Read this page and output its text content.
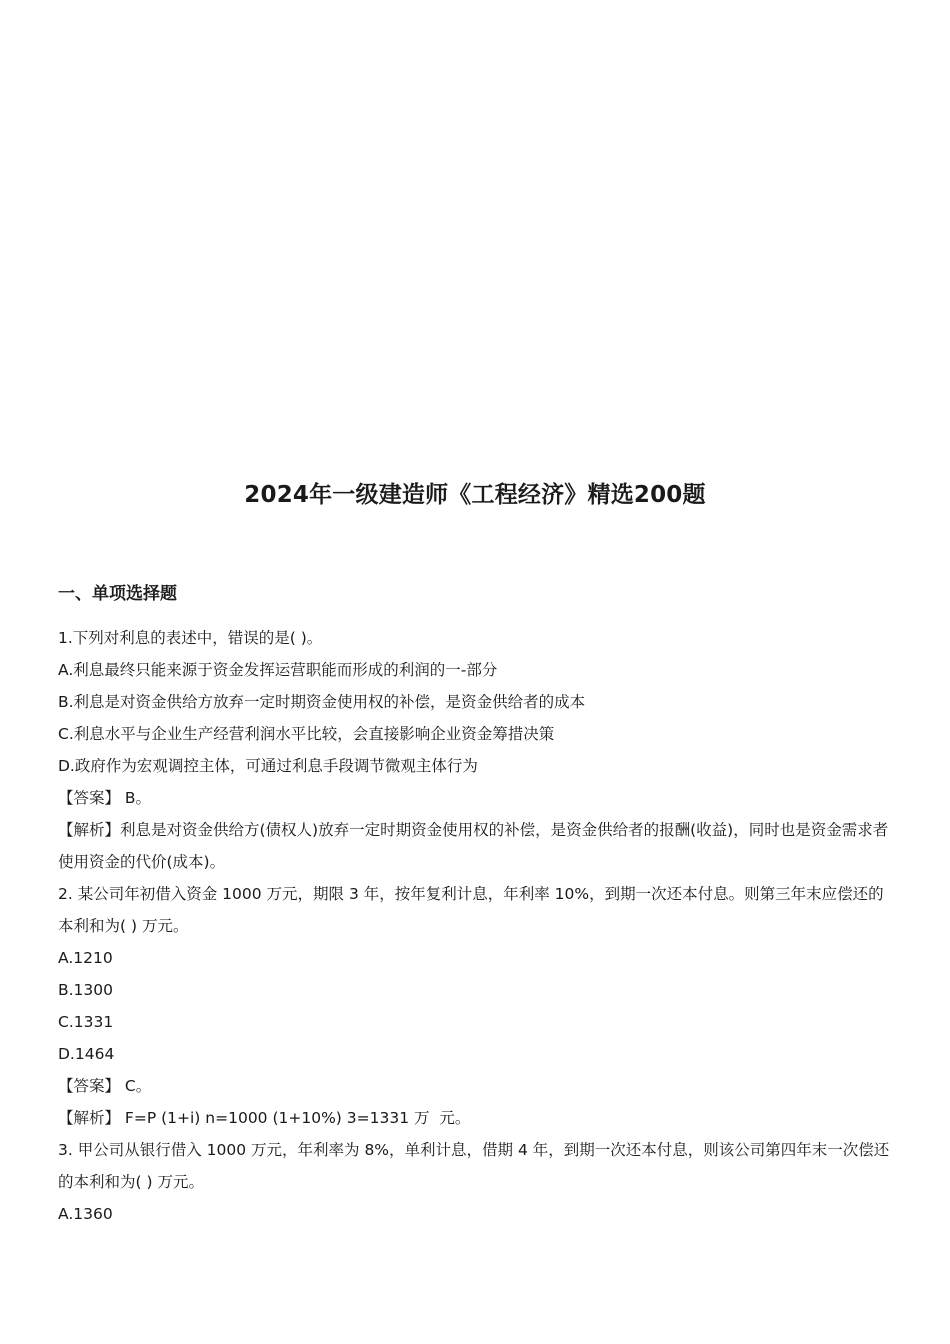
2024年一级建造师《工程经济》精选200题
一、单项选择题
1.下列对利息的表述中，错误的是( )。
A.利息最终只能来源于资金发挥运营职能而形成的利润的一-部分
B.利息是对资金供给方放弃一定时期资金使用权的补偿，是资金供给者的成本
C.利息水平与企业生产经营利润水平比较，会直接影响企业资金筹措决策
D.政府作为宏观调控主体，可通过利息手段调节微观主体行为
【答案】 B。
【解析】利息是对资金供给方(债权人)放弃一定时期资金使用权的补偿，是资金供给者的报酬(收益)，同时也是资金需求者使用资金的代价(成本)。
2. 某公司年初借入资金 1000 万元，期限 3 年，按年复利计息，年利率 10%，到期一次还本付息。则第三年末应偿还的本利和为( ) 万元。
A.1210
B.1300
C.1331
D.1464
【答案】 C。
【解析】 F=P (1+i) n=1000 (1+10%) 3=1331 万  元。
3. 甲公司从银行借入 1000 万元，年利率为 8%，单利计息，借期 4 年，到期一次还本付息，则该公司第四年末一次偿还的本利和为( ) 万元。
A.1360
